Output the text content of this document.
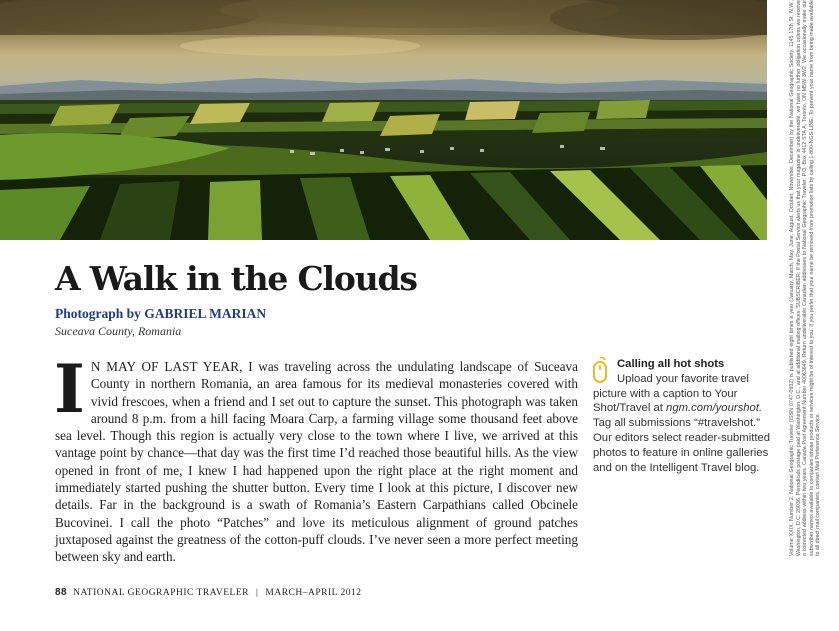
A Walk in the Clouds
Photograph by GABRIEL MARIAN
Suceava County, Romania
I N MAY OF LAST YEAR, I was traveling across the undulating landscape of Suceava County in northern Romania, an area famous for its medieval monasteries covered with vivid frescoes, when a friend and I set out to capture the sunset. This photograph was taken around 8 p.m. from a hill facing Moara Carp, a farming village some thousand feet above sea level. Though this region is actually very close to the town where I live, we arrived at this vantage point by chance—that day was the first time I’d reached those beautiful hills. As the view opened in front of me, I knew I had happened upon the right place at the right moment and immediately started pushing the shutter button. Every time I look at this picture, I discover new details. Far in the background is a swath of Romania’s Eastern Carpathians called Obcinele Bucovinei. I call the photo “Patches” and love its meticulous alignment of ground patches juxtaposed against the greatness of the cotton-puff clouds. I’ve never seen a more perfect meeting between sky and earth.

Calling all hot shots
Upload your favorite travel picture with a caption to Your Shot/Travel at ngm.com/yourshot. Tag all submissions “#travelshot.” Our editors select reader-submitted photos to feature in online galleries and on the Intelligent Travel blog.
88 NATIONAL GEOGRAPHIC TRAVELER | MARCH–APRIL 2012
Volume XXIX, Number 2. National Geographic Traveler (ISSN 0747-0932) is published eight times a year (January, March, May, June, August, October, November, December) by the National Geographic Society, 1145 17th St. N.W., Washington, D.C. 20036. Periodicals postage paid at Washington, D.C., and at additional mailing offices. SUBSCRIBER: If the Postal Service alerts us that your magazine is undeliverable, we have no further obligation unless we receive a corrected address within two years. Canada Post Agreement Number 40063649. Return undeliverable Canadian addresses to National Geographic Traveler, P.O. Box 4412 STA A, Toronto, ON M5W 3W2. We occasionally make our subscriber names available to companies whose products or services might be of interest to you. If you prefer that your name be removed from promotion lists by calling 1-800-NGS-LINE. To prevent your name from being made available to all direct mail companies, contact Mail Preference Service.
